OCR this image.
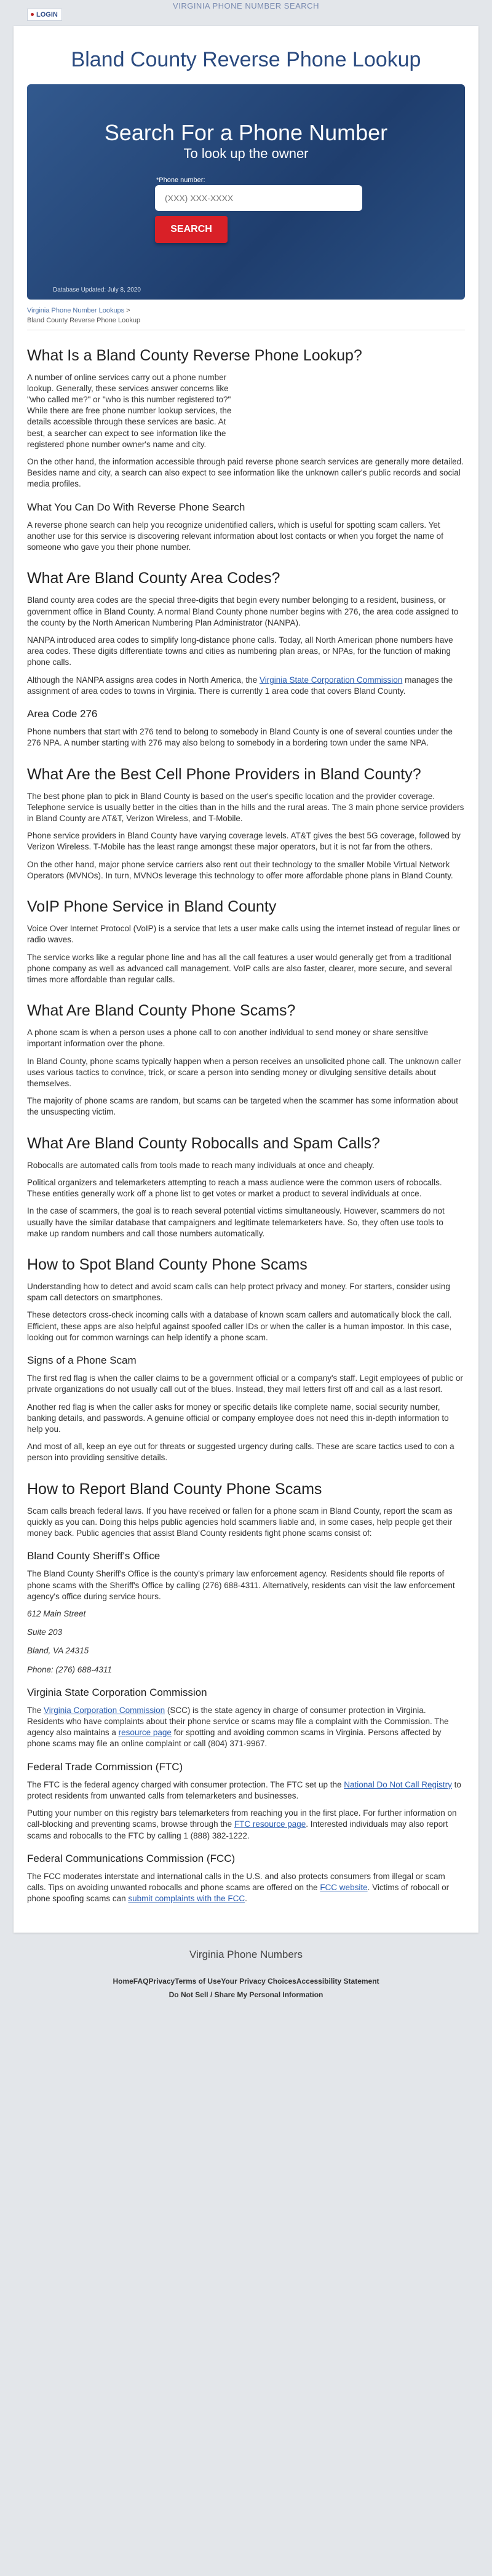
VIRGINIA PHONE NUMBER SEARCH
LOGIN
Bland County Reverse Phone Lookup
Search For a Phone Number
To look up the owner
*Phone number:
(XXX) XXX-XXXX
SEARCH
Database Updated: July 8, 2020
Virginia Phone Number Lookups >
Bland County Reverse Phone Lookup
What Is a Bland County Reverse Phone Lookup?

A number of online services carry out a phone number lookup. Generally, these services answer concerns like "who called me?" or "who is this number registered to?" While there are free phone number lookup services, the details accessible through these services are basic. At best, a searcher can expect to see information like the registered phone number owner's name and city.

On the other hand, the information accessible through paid reverse phone search services are generally more detailed. Besides name and city, a search can also expect to see information like the unknown caller's public records and social media profiles.

What You Can Do With Reverse Phone Search

A reverse phone search can help you recognize unidentified callers, which is useful for spotting scam callers. Yet another use for this service is discovering relevant information about lost contacts or when you forget the name of someone who gave you their phone number.

What Are Bland County Area Codes?

Bland county area codes are the special three-digits that begin every number belonging to a resident, business, or government office in Bland County. A normal Bland County phone number begins with 276, the area code assigned to the county by the North American Numbering Plan Administrator (NANPA).

NANPA introduced area codes to simplify long-distance phone calls. Today, all North American phone numbers have area codes. These digits differentiate towns and cities as numbering plan areas, or NPAs, for the function of making phone calls.

Although the NANPA assigns area codes in North America, the Virginia State Corporation Commission manages the assignment of area codes to towns in Virginia. There is currently 1 area code that covers Bland County.

Area Code 276

Phone numbers that start with 276 tend to belong to somebody in Bland County is one of several counties under the 276 NPA. A number starting with 276 may also belong to somebody in a bordering town under the same NPA.

What Are the Best Cell Phone Providers in Bland County?

The best phone plan to pick in Bland County is based on the user's specific location and the provider coverage. Telephone service is usually better in the cities than in the hills and the rural areas. The 3 main phone service providers in Bland County are AT&T, Verizon Wireless, and T-Mobile.

Phone service providers in Bland County have varying coverage levels. AT&T gives the best 5G coverage, followed by Verizon Wireless. T-Mobile has the least range amongst these major operators, but it is not far from the others.

On the other hand, major phone service carriers also rent out their technology to the smaller Mobile Virtual Network Operators (MVNOs). In turn, MVNOs leverage this technology to offer more affordable phone plans in Bland County.

VoIP Phone Service in Bland County

Voice Over Internet Protocol (VoIP) is a service that lets a user make calls using the internet instead of regular lines or radio waves.

The service works like a regular phone line and has all the call features a user would generally get from a traditional phone company as well as advanced call management. VoIP calls are also faster, clearer, more secure, and several times more affordable than regular calls.

What Are Bland County Phone Scams?

A phone scam is when a person uses a phone call to con another individual to send money or share sensitive important information over the phone.

In Bland County, phone scams typically happen when a person receives an unsolicited phone call. The unknown caller uses various tactics to convince, trick, or scare a person into sending money or divulging sensitive details about themselves.

The majority of phone scams are random, but scams can be targeted when the scammer has some information about the unsuspecting victim.

What Are Bland County Robocalls and Spam Calls?

Robocalls are automated calls from tools made to reach many individuals at once and cheaply.

Political organizers and telemarketers attempting to reach a mass audience were the common users of robocalls. These entities generally work off a phone list to get votes or market a product to several individuals at once.

In the case of scammers, the goal is to reach several potential victims simultaneously. However, scammers do not usually have the similar database that campaigners and legitimate telemarketers have. So, they often use tools to make up random numbers and call those numbers automatically.

How to Spot Bland County Phone Scams

Understanding how to detect and avoid scam calls can help protect privacy and money. For starters, consider using spam call detectors on smartphones.

These detectors cross-check incoming calls with a database of known scam callers and automatically block the call. Efficient, these apps are also helpful against spoofed caller IDs or when the caller is a human impostor. In this case, looking out for common warnings can help identify a phone scam.

Signs of a Phone Scam

The first red flag is when the caller claims to be a government official or a company's staff. Legit employees of public or private organizations do not usually call out of the blues. Instead, they mail letters first off and call as a last resort.

Another red flag is when the caller asks for money or specific details like complete name, social security number, banking details, and passwords. A genuine official or company employee does not need this in-depth information to help you.

And most of all, keep an eye out for threats or suggested urgency during calls. These are scare tactics used to con a person into providing sensitive details.

How to Report Bland County Phone Scams

Scam calls breach federal laws. If you have received or fallen for a phone scam in Bland County, report the scam as quickly as you can. Doing this helps public agencies hold scammers liable and, in some cases, help people get their money back. Public agencies that assist Bland County residents fight phone scams consist of:

Bland County Sheriff's Office

The Bland County Sheriff's Office is the county's primary law enforcement agency. Residents should file reports of phone scams with the Sheriff's Office by calling (276) 688-4311. Alternatively, residents can visit the law enforcement agency's office during service hours.

612 Main Street

Suite 203

Bland, VA 24315

Phone: (276) 688-4311

Virginia State Corporation Commission

The Virginia Corporation Commission (SCC) is the state agency in charge of consumer protection in Virginia. Residents who have complaints about their phone service or scams may file a complaint with the Commission. The agency also maintains a resource page for spotting and avoiding common scams in Virginia. Persons affected by phone scams may file an online complaint or call (804) 371-9967.

Federal Trade Commission (FTC)

The FTC is the federal agency charged with consumer protection. The FTC set up the National Do Not Call Registry to protect residents from unwanted calls from telemarketers and businesses.

Putting your number on this registry bars telemarketers from reaching you in the first place. For further information on call-blocking and preventing scams, browse through the FTC resource page. Interested individuals may also report scams and robocalls to the FTC by calling 1 (888) 382-1222.

Federal Communications Commission (FCC)

The FCC moderates interstate and international calls in the U.S. and also protects consumers from illegal or scam calls. Tips on avoiding unwanted robocalls and phone scams are offered on the FCC website. Victims of robocall or phone spoofing scams can submit complaints with the FCC.

Virginia Phone Numbers
HomeFAQPrivacyTerms of UseYour Privacy ChoicesAccessibility Statement
Do Not Sell / Share My Personal Information
